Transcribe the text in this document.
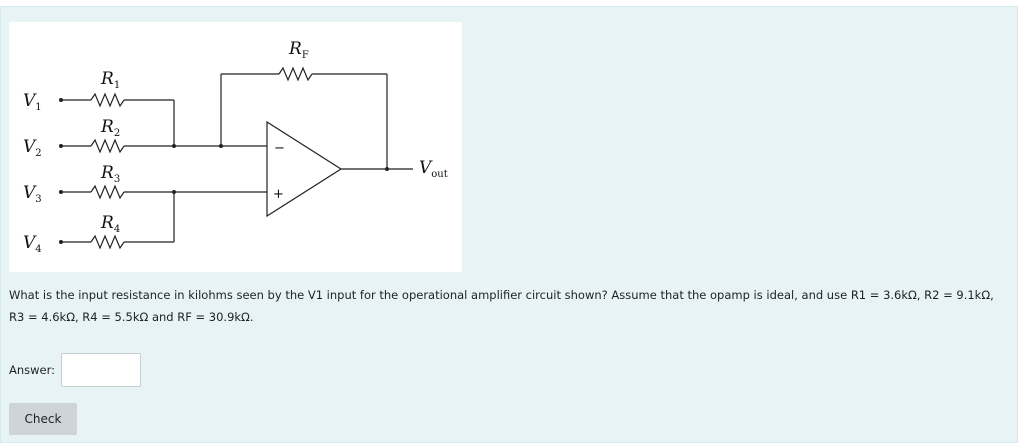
−
+
$R_F$
$R_1$
$R_2$
$R_3$
$R_4$
$V_1$
$V_2$
$V_3$
$V_4$
$V_{out}$

What is the input resistance in kilohms seen by the V1 input for the operational amplifier circuit shown? Assume that the opamp is ideal, and use R1 = 3.6kΩ, R2 = 9.1kΩ, R3 = 4.6kΩ, R4 = 5.5kΩ and RF = 30.9kΩ.

Answer:
Check
